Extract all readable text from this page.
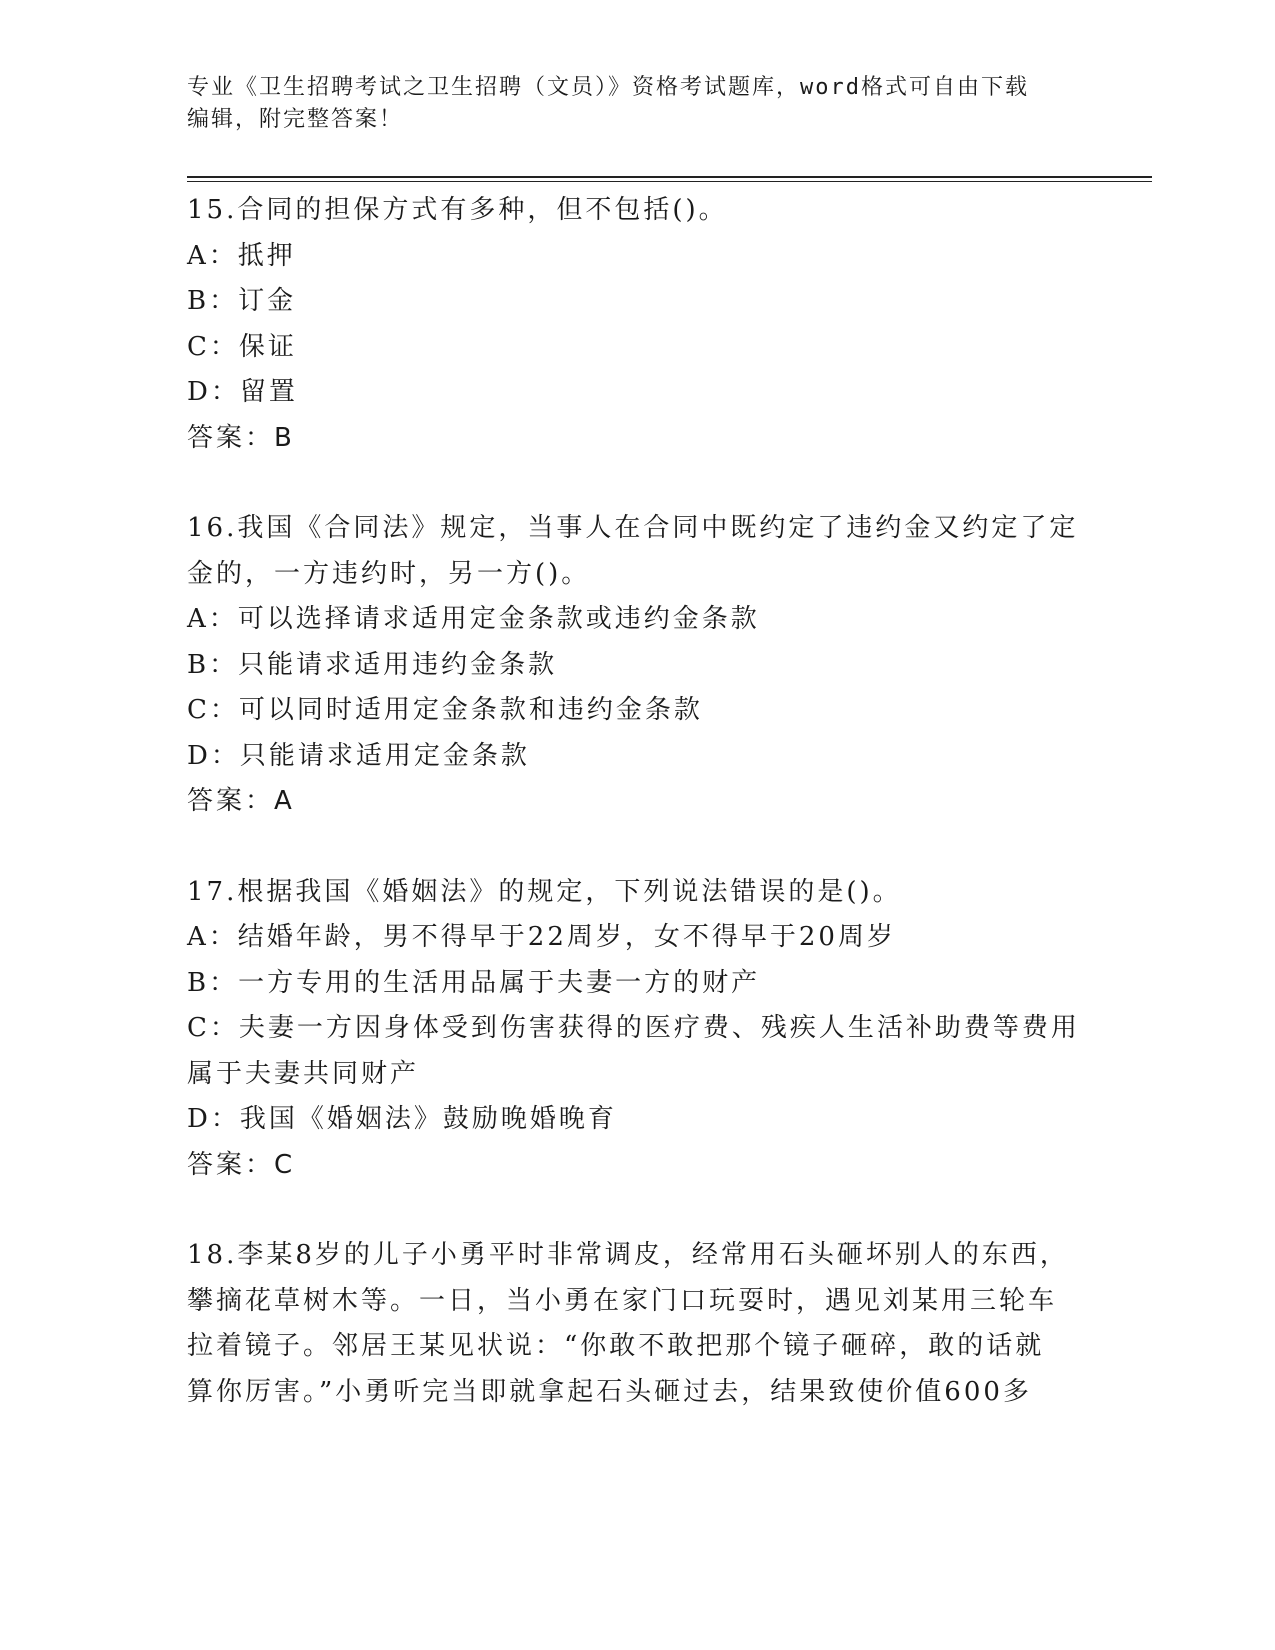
专业《卫生招聘考试之卫生招聘（文员）》资格考试题库，word格式可自由下载
编辑，附完整答案！
15.合同的担保方式有多种，但不包括()。
A：抵押
B：订金
C：保证
D：留置
答案：B
16.我国《合同法》规定，当事人在合同中既约定了违约金又约定了定
金的，一方违约时，另一方()。
A：可以选择请求适用定金条款或违约金条款
B：只能请求适用违约金条款
C：可以同时适用定金条款和违约金条款
D：只能请求适用定金条款
答案：A
17.根据我国《婚姻法》的规定，下列说法错误的是()。
A：结婚年龄，男不得早于22周岁，女不得早于20周岁
B：一方专用的生活用品属于夫妻一方的财产
C：夫妻一方因身体受到伤害获得的医疗费、残疾人生活补助费等费用
属于夫妻共同财产
D：我国《婚姻法》鼓励晚婚晚育
答案：C
18.李某8岁的儿子小勇平时非常调皮，经常用石头砸坏别人的东西，
攀摘花草树木等。一日，当小勇在家门口玩耍时，遇见刘某用三轮车
拉着镜子。邻居王某见状说：“你敢不敢把那个镜子砸碎，敢的话就
算你厉害。”小勇听完当即就拿起石头砸过去，结果致使价值600多
